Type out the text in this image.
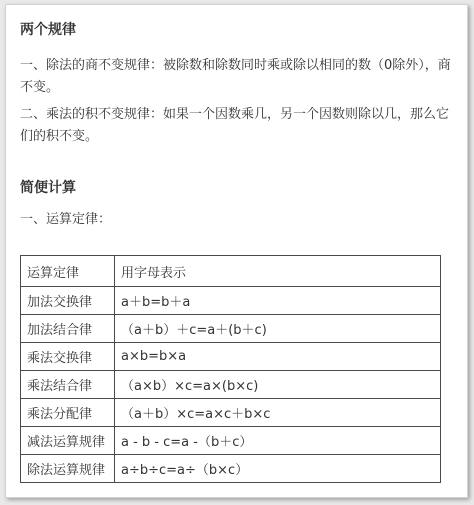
两个规律
一、除法的商不变规律：被除数和除数同时乘或除以相同的数（0除外），商不变。
二、乘法的积不变规律：如果一个因数乘几，另一个因数则除以几，那么它们的积不变。
简便计算
一、运算定律：
运算定律	用字母表示
加法交换律	a＋b=b＋a
加法结合律	（a＋b）＋c=a＋(b＋c)
乘法交换律	a×b=b×a
乘法结合律	（a×b）×c=a×(b×c)
乘法分配律	（a＋b）×c=a×c＋b×c
减法运算规律	a - b - c=a -（b＋c）
除法运算规律	a÷b÷c=a÷（b×c）
